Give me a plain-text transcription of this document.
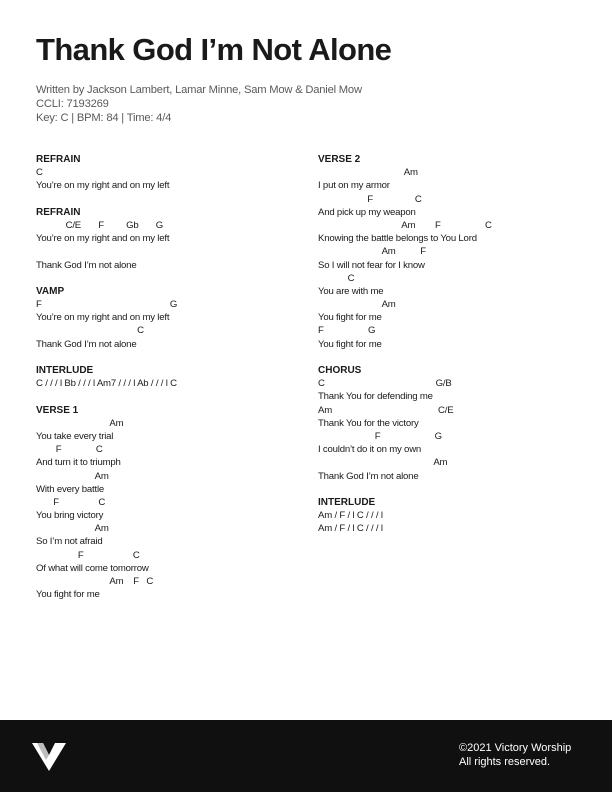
Thank God I’m Not Alone
Written by Jackson Lambert, Lamar Minne, Sam Mow & Daniel Mow
CCLI: 7193269
Key: C | BPM: 84 | Time: 4/4
REFRAIN
C
You’re on my right and on my left
REFRAIN
C/E       F         Gb       G
You’re on my right and on my left
Thank God I’m not alone
VAMP
F                                                    G
You’re on my right and on my left
C
Thank God I’m not alone
INTERLUDE
C / / / l Bb / / / l Am7 / / / l Ab / / / l C
VERSE 1
Am
You take every trial
F              C
And turn it to triumph
Am
With every battle
F                C
You bring victory
Am
So I’m not afraid
F                    C
Of what will come tomorrow
Am    F   C
You fight for me
VERSE 2
Am
I put on my armor
F                 C
And pick up my weapon
Am        F                  C
Knowing the battle belongs to You Lord
Am          F
So I will not fear for I know
C
You are with me
Am
You fight for me
F                  G
You fight for me
CHORUS
C                                             G/B
Thank You for defending me
Am                                           C/E
Thank You for the victory
F                      G
I couldn’t do it on my own
Am
Thank God I’m not alone
INTERLUDE
Am / F / l C / / / l
Am / F / l C / / / l
©2021 Victory Worship
All rights reserved.
